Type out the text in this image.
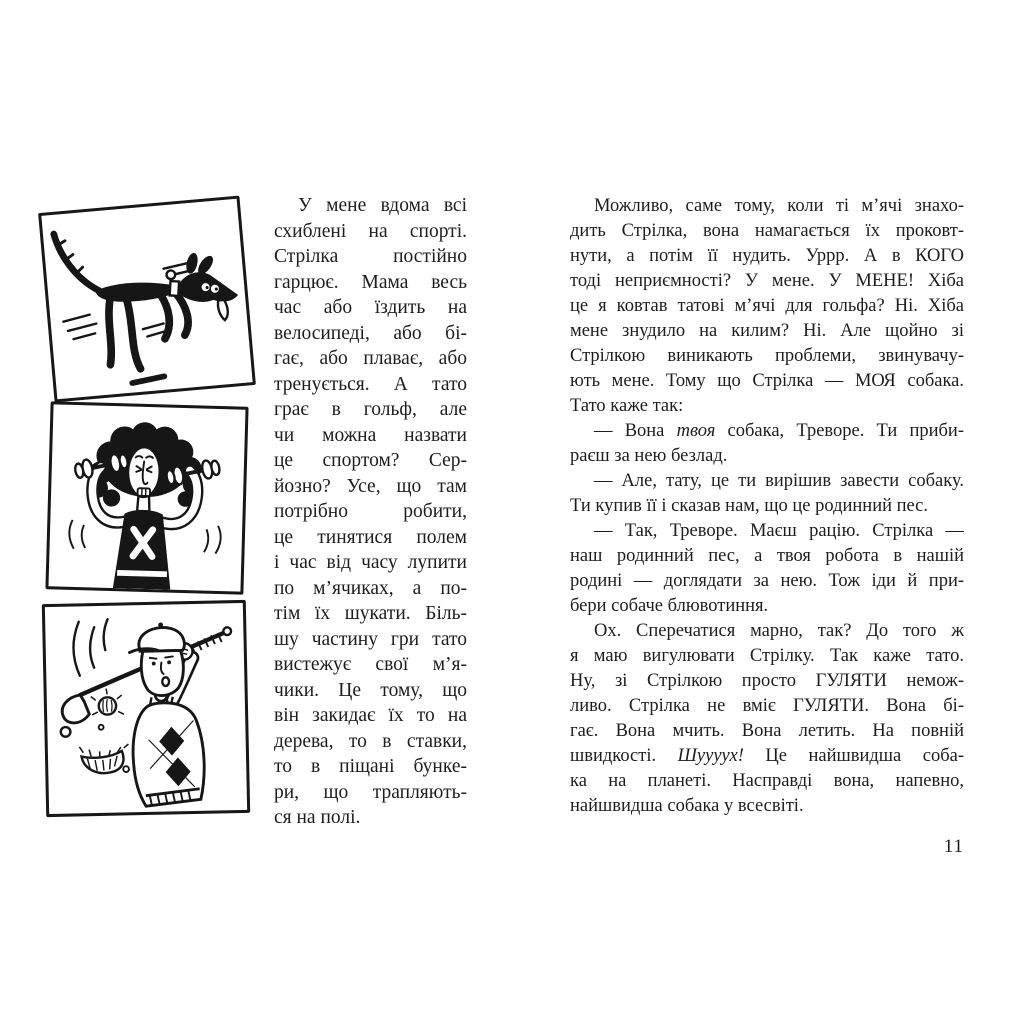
У мене вдома всі
схиблені на спорті.
Стрілка постійно
гарцює. Мама весь
час або їздить на
велосипеді, або бі-
гає, або плаває, або
тренується. А тато
грає в гольф, але
чи можна назвати
це спортом? Сер-
йозно? Усе, що там
потрібно робити,
це тинятися полем
і час від часу лупити
по м’ячиках, а по-
тім їх шукати. Біль-
шу частину гри тато
вистежує свої м’я-
чики. Це тому, що
він закидає їх то на
дерева, то в ставки,
то в піщані бунке-
ри, що трапляють-
ся на полі.
Можливо, саме тому, коли ті м’ячі знахо-
дить Стрілка, вона намагається їх проковт-
нути, а потім її нудить. Уррр. А в КОГО
тоді неприємності? У мене. У МЕНЕ! Хіба
це я ковтав татові м’ячі для гольфа? Ні. Хіба
мене знудило на килим? Ні. Але щойно зі
Стрілкою виникають проблеми, звинувачу-
ють мене. Тому що Стрілка — МОЯ собака.
Тато каже так:
— Вона твоя собака, Треворе. Ти приби-
раєш за нею безлад.
— Але, тату, це ти вирішив завести собаку.
Ти купив її і сказав нам, що це родинний пес.
— Так, Треворе. Маєш рацію. Стрілка —
наш родинний пес, а твоя робота в нашій
родині — доглядати за нею. Тож іди й при-
бери собаче блювотиння.
Ох. Сперечатися марно, так? До того ж
я маю вигулювати Стрілку. Так каже тато.
Ну, зі Стрілкою просто ГУЛЯТИ немож-
ливо. Стрілка не вміє ГУЛЯТИ. Вона бі-
гає. Вона мчить. Вона летить. На повній
швидкості. Шуууух! Це найшвидша соба-
ка на планеті. Насправді вона, напевно,
найшвидша собака у всесвіті.
11
